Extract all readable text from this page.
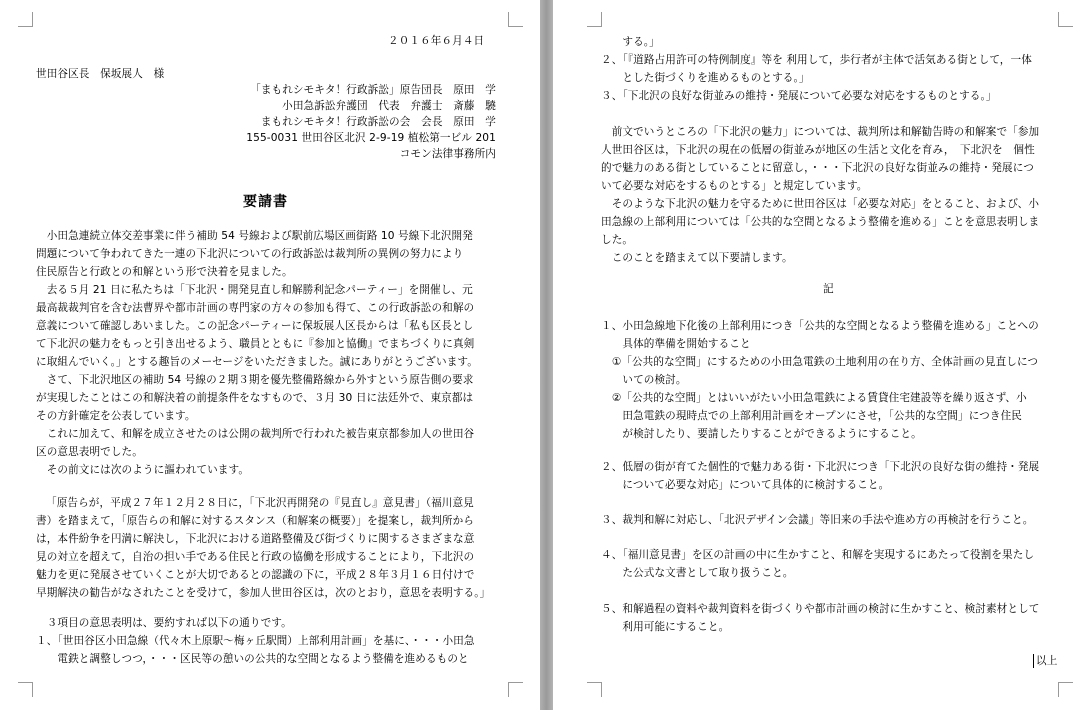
２０１６年６月４日
世田谷区長　保坂展人　様
「まもれシモキタ！行政訴訟」原告団長　原田　学
小田急訴訟弁護団　代表　弁護士　斎藤　驍
まもれシモキタ！行政訴訟の会　会長　原田　学
155-0031 世田谷区北沢 2-9-19 植松第一ビル 201
コモン法律事務所内
要請書
　小田急連続立体交差事業に伴う補助 54 号線および駅前広場区画街路 10 号線下北沢開発
問題について争われてきた一連の下北沢についての行政訴訟は裁判所の異例の努力により
住民原告と行政との和解という形で決着を見ました。
　去る５月 21 日に私たちは「下北沢・開発見直し和解勝利記念パーティー」を開催し、元
最高裁裁判官を含む法曹界や都市計画の専門家の方々の参加も得て、この行政訴訟の和解の
意義について確認しあいました。この記念パーティーに保坂展人区長からは「私も区長とし
て下北沢の魅力をもっと引き出せるよう、職員とともに『参加と協働』でまちづくりに真剣
に取組んでいく。」とする趣旨のメーセージをいただきました。誠にありがとうございます。
　さて、下北沢地区の補助 54 号線の２期３期を優先整備路線から外すという原告側の要求
が実現したことはこの和解決着の前提条件をなすもので、３月 30 日に法廷外で、東京都は
その方針確定を公表しています。
　これに加えて、和解を成立させたのは公開の裁判所で行われた被告東京都参加人の世田谷
区の意思表明でした。
　その前文には次のように謳われています。
「原告らが，平成２７年１２月２８日に，「下北沢再開発の『見直し』意見書」（福川意見
書）を踏まえて，「原告らの和解に対するスタンス（和解案の概要）」を提案し，裁判所から
は，本件紛争を円満に解決し，下北沢における道路整備及び街づくりに関するさまざまな意
見の対立を超えて，自治の担い手である住民と行政の協働を形成することにより，下北沢の
魅力を更に発展させていくことが大切であるとの認識の下に，平成２８年３月１６日付けで
早期解決の勧告がなされたことを受けて，参加人世田谷区は，次のとおり，意思を表明する。」
　３項目の意思表明は、要約すれば以下の通りです。
１、「世田谷区小田急線（代々木上原駅～梅ヶ丘駅間）上部利用計画」を基に、・・・小田急
　　電鉄と調整しつつ，・・・区民等の憩いの公共的な空間となるよう整備を進めるものと
　　する。」
２、「『道路占用許可の特例制度』等を 利用して，歩行者が主体で活気ある街として，一体
　　とした街づくりを進めるものとする。」
３、「下北沢の良好な街並みの維持・発展について必要な対応をするものとする。」
　前文でいうところの「下北沢の魅力」については、裁判所は和解勧告時の和解案で「参加
人世田谷区は，下北沢の現在の低層の街並みが地区の生活と文化を育み，　下北沢を　個性
的で魅力のある街としていることに留意し，・・・下北沢の良好な街並みの維持・発展につ
いて必要な対応をするものとする」と規定しています。
　そのような下北沢の魅力を守るために世田谷区は「必要な対応」をとること、および、小
田急線の上部利用については「公共的な空間となるよう整備を進める」ことを意思表明しま
した。
　このことを踏まえて以下要請します。
記
１、小田急線地下化後の上部利用につき「公共的な空間となるよう整備を進める」ことへの
　　具体的準備を開始すること
　①「公共的な空間」にするための小田急電鉄の土地利用の在り方、全体計画の見直しにつ
　　いての検討。
　②「公共的な空間」とはいいがたい小田急電鉄による賃貸住宅建設等を繰り返さず、小
　　田急電鉄の現時点での上部利用計画をオープンにさせ，「公共的な空間」につき住民
　　が検討したり、要請したりすることができるようにすること。
２、低層の街が育てた個性的で魅力ある街・下北沢につき「下北沢の良好な街の維持・発展
　　について必要な対応」について具体的に検討すること。
３、裁判和解に対応し、「北沢デザイン会議」等旧来の手法や進め方の再検討を行うこと。
４、「福川意見書」を区の計画の中に生かすこと、和解を実現するにあたって役割を果たし
　　た公式な文書として取り扱うこと。
５、和解過程の資料や裁判資料を街づくりや都市計画の検討に生かすこと、検討素材として
　　利用可能にすること。
以上
